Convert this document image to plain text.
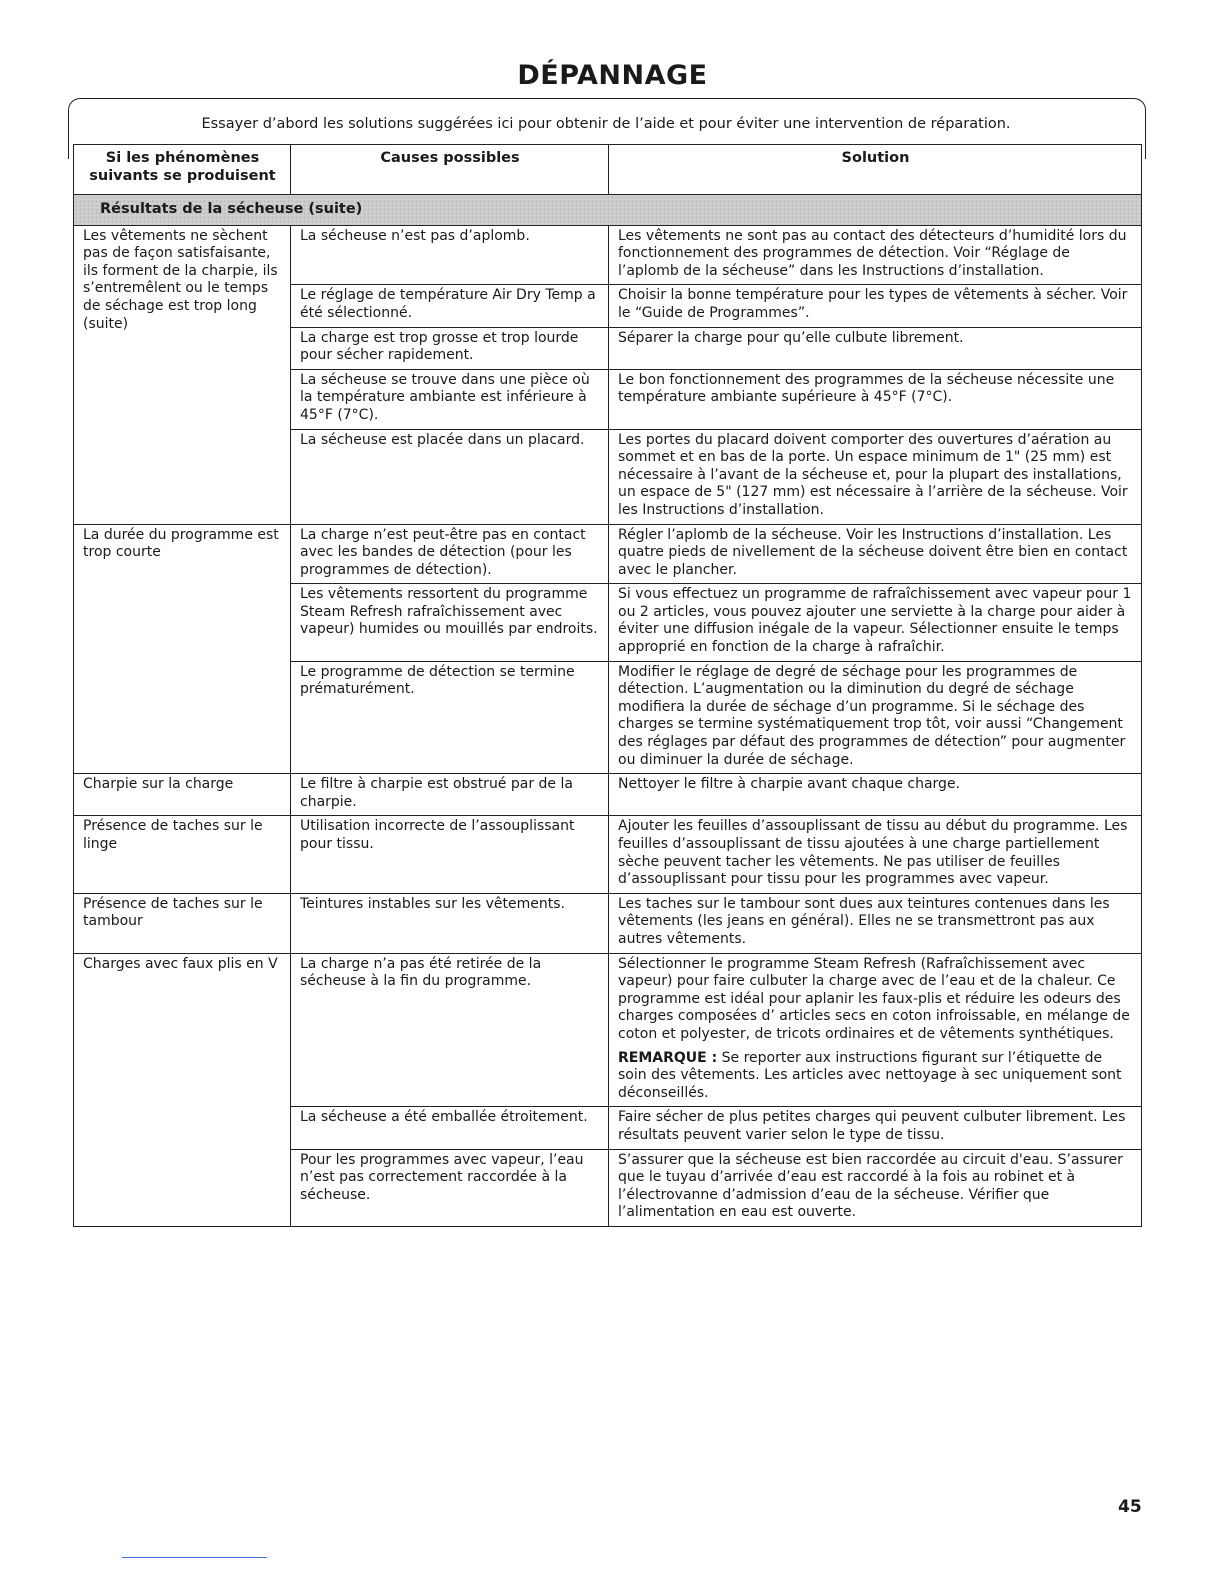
DÉPANNAGE
Essayer d’abord les solutions suggérées ici pour obtenir de l’aide et pour éviter une intervention de réparation.
Si les phénomènes suivants se produisent	Causes possibles	Solution
Résultats de la sécheuse (suite)		
Les vêtements ne sèchent pas de façon satisfaisante, ils forment de la charpie, ils s’entremêlent ou le temps de séchage est trop long (suite)	La sécheuse n’est pas d’aplomb.	Les vêtements ne sont pas au contact des détecteurs d’humidité lors du fonctionnement des programmes de détection. Voir “Réglage de l’aplomb de la sécheuse” dans les Instructions d’installation.
	Le réglage de température Air Dry Temp a été sélectionné.	Choisir la bonne température pour les types de vêtements à sécher. Voir le “Guide de Programmes”.
	La charge est trop grosse et trop lourde pour sécher rapidement.	Séparer la charge pour qu’elle culbute librement.
	La sécheuse se trouve dans une pièce où la température ambiante est inférieure à 45°F (7°C).	Le bon fonctionnement des programmes de la sécheuse nécessite une température ambiante supérieure à 45°F (7°C).
	La sécheuse est placée dans un placard.	Les portes du placard doivent comporter des ouvertures d’aération au sommet et en bas de la porte. Un espace minimum de 1" (25 mm) est nécessaire à l’avant de la sécheuse et, pour la plupart des installations, un espace de 5" (127 mm) est nécessaire à l’arrière de la sécheuse. Voir les Instructions d’installation.
La durée du programme est trop courte	La charge n’est peut-être pas en contact avec les bandes de détection (pour les programmes de détection).	Régler l’aplomb de la sécheuse. Voir les Instructions d’installation. Les quatre pieds de nivellement de la sécheuse doivent être bien en contact avec le plancher.
	Les vêtements ressortent du programme Steam Refresh rafraîchissement avec vapeur) humides ou mouillés par endroits.	Si vous effectuez un programme de rafraîchissement avec vapeur pour 1 ou 2 articles, vous pouvez ajouter une serviette à la charge pour aider à éviter une diffusion inégale de la vapeur. Sélectionner ensuite le temps approprié en fonction de la charge à rafraîchir.
	Le programme de détection se termine prématurément.	Modifier le réglage de degré de séchage pour les programmes de détection. L’augmentation ou la diminution du degré de séchage modifiera la durée de séchage d’un programme. Si le séchage des charges se termine systématiquement trop tôt, voir aussi “Changement des réglages par défaut des programmes de détection” pour augmenter ou diminuer la durée de séchage.
Charpie sur la charge	Le filtre à charpie est obstrué par de la charpie.	Nettoyer le filtre à charpie avant chaque charge.
Présence de taches sur le linge	Utilisation incorrecte de l’assouplissant pour tissu.	Ajouter les feuilles d’assouplissant de tissu au début du programme. Les feuilles d’assouplissant de tissu ajoutées à une charge partiellement sèche peuvent tacher les vêtements. Ne pas utiliser de feuilles d’assouplissant pour tissu pour les programmes avec vapeur.
Présence de taches sur le tambour	Teintures instables sur les vêtements.	Les taches sur le tambour sont dues aux teintures contenues dans les vêtements (les jeans en général). Elles ne se transmettront pas aux autres vêtements.
Charges avec faux plis en V	La charge n’a pas été retirée de la sécheuse à la fin du programme.	Sélectionner le programme Steam Refresh (Rafraîchissement avec vapeur) pour faire culbuter la charge avec de l’eau et de la chaleur. Ce programme est idéal pour aplanir les faux-plis et réduire les odeurs des charges composées d’ articles secs en coton infroissable, en mélange de coton et polyester, de tricots ordinaires et de vêtements synthétiques.

REMARQUE : Se reporter aux instructions figurant sur l’étiquette de soin des vêtements. Les articles avec nettoyage à sec uniquement sont déconseillés.

	La sécheuse a été emballée étroitement.	Faire sécher de plus petites charges qui peuvent culbuter librement. Les résultats peuvent varier selon le type de tissu.
	Pour les programmes avec vapeur, l’eau n’est pas correctement raccordée à la sécheuse.	S’assurer que la sécheuse est bien raccordée au circuit d'eau. S’assurer que le tuyau d’arrivée d’eau est raccordé à la fois au robinet et à l’électrovanne d’admission d’eau de la sécheuse. Vérifier que l’alimentation en eau est ouverte.
45
